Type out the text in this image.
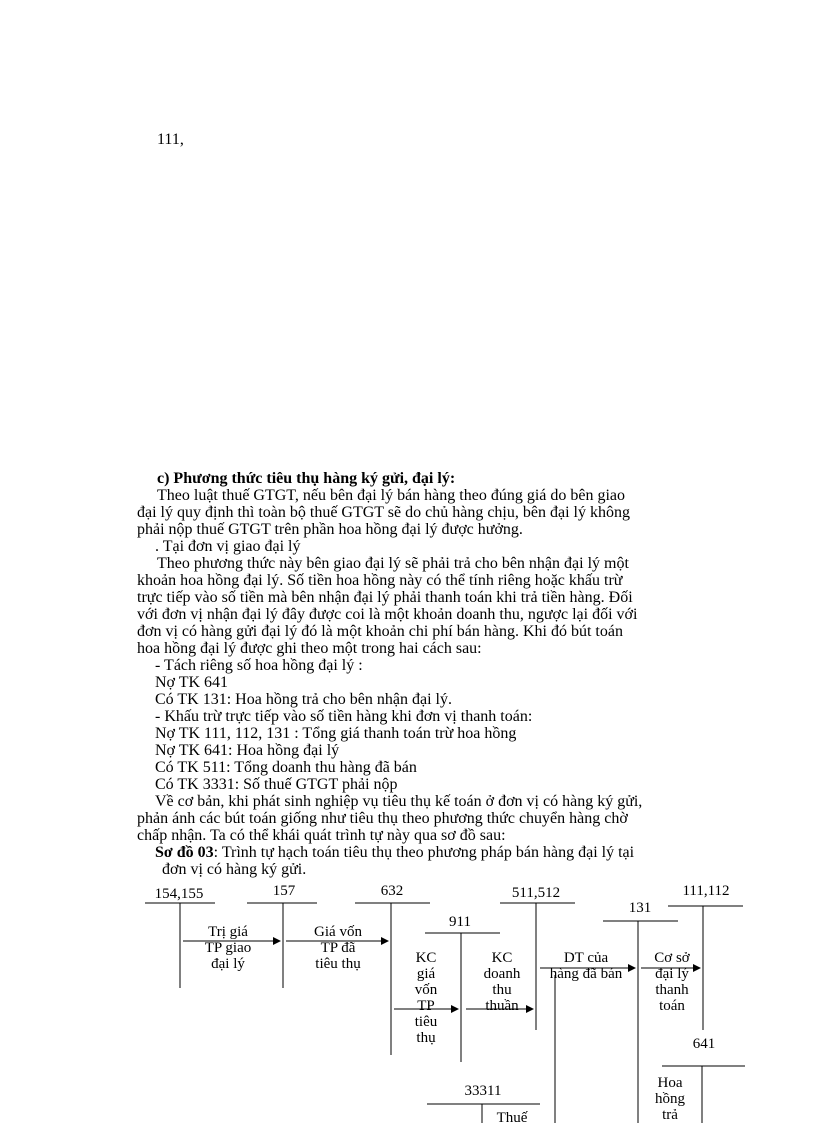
111,
c) Phương thức tiêu thụ hàng ký gửi, đại lý:
Theo luật thuế GTGT, nếu bên đại lý bán hàng theo đúng giá do bên giao
đại lý quy định thì toàn bộ thuế GTGT sẽ do chủ hàng chịu, bên đại lý không
phải nộp thuế GTGT trên phần hoa hồng đại lý được hưởng.
. Tại đơn vị giao đại lý
Theo phương thức này bên giao đại lý sẽ phải trả cho bên nhận đại lý một
khoản hoa hồng đại lý. Số tiền hoa hồng này có thể tính riêng hoặc khấu trừ
trực tiếp vào số tiền mà bên nhận đại lý phải thanh toán khi trả tiền hàng. Đối
với đơn vị nhận đại lý đây được coi là một khoản doanh thu, ngược lại đối với
đơn vị có hàng gửi đại lý đó là một khoản chi phí bán hàng. Khi đó bút toán
hoa hồng đại lý được ghi theo một trong hai cách sau:
- Tách riêng số hoa hồng đại lý :
Nợ TK 641
Có TK 131: Hoa hồng trả cho bên nhận đại lý.
- Khấu trừ trực tiếp vào số tiền hàng khi đơn vị thanh toán:
Nợ TK 111, 112, 131 : Tổng giá thanh toán trừ hoa hồng
Nợ TK 641: Hoa hồng đại lý
Có TK 511: Tổng doanh thu hàng đã bán
Có TK 3331: Số thuế GTGT phải nộp
Về cơ bản, khi phát sinh nghiệp vụ tiêu thụ kế toán ở đơn vị có hàng ký gửi,
phản ánh các bút toán giống như tiêu thụ theo phương thức chuyển hàng chờ
chấp nhận. Ta có thể khái quát trình tự này qua sơ đồ sau:
Sơ đồ 03: Trình tự hạch toán tiêu thụ theo phương pháp bán hàng đại lý tại
đơn vị có hàng ký gửi.
154,155	157	632
911
511,512
131
111,112
641
33311
Trị giá
TP giao
đại lý
Giá vốn
TP đã
tiêu thụ	KC
giá
vốn
TP
tiêu
thụ
KC
doanh
thu
thuần
DT của
hàng đã bán
Cơ sở
đại lý
thanh
toán
Hoa
hồng
trả
Thuế
